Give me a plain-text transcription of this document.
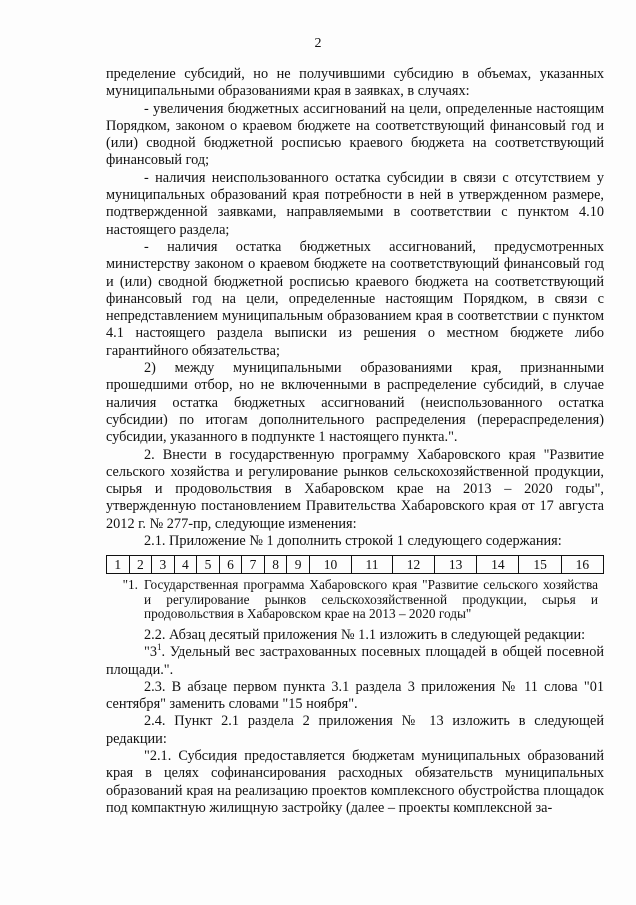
2

пределение субсидий, но не получившими субсидию в объемах, указанных муниципальными образованиями края в заявках, в случаях:

- увеличения бюджетных ассигнований на цели, определенные настоящим Порядком, законом о краевом бюджете на соответствующий финансовый год и (или) сводной бюджетной росписью краевого бюджета на соответствующий финансовый год;

- наличия неиспользованного остатка субсидии в связи с отсутствием у муниципальных образований края потребности в ней в утвержденном размере, подтвержденной заявками, направляемыми в соответствии с пунктом 4.10 настоящего раздела;

- наличия остатка бюджетных ассигнований, предусмотренных министерству законом о краевом бюджете на соответствующий финансовый год и (или) сводной бюджетной росписью краевого бюджета на соответствующий финансовый год на цели, определенные настоящим Порядком, в связи с непредставлением муниципальным образованием края в соответствии с пунктом 4.1 настоящего раздела выписки из решения о местном бюджете либо гарантийного обязательства;

2) между муниципальными образованиями края, признанными прошедшими отбор, но не включенными в распределение субсидий, в случае наличия остатка бюджетных ассигнований (неиспользованного остатка субсидии) по итогам дополнительного распределения (перераспределения) субсидии, указанного в подпункте 1 настоящего пункта.".

2. Внести в государственную программу Хабаровского края "Развитие сельского хозяйства и регулирование рынков сельскохозяйственной продукции, сырья и продовольствия в Хабаровском крае на 2013 – 2020 годы", утвержденную постановлением Правительства Хабаровского края от 17 августа 2012 г. № 277-пр, следующие изменения:

2.1. Приложение № 1 дополнить строкой 1 следующего содержания:

1	2	3	4	5	6	7	8	9	10	11	12	13	14	15	16
"1. Государственная программа Хабаровского края "Развитие сельского хозяйства и регулирование рынков сельскохозяйственной продукции, сырья и продовольствия в Хабаровском крае на 2013 – 2020 годы"

2.2. Абзац десятый приложения № 1.1 изложить в следующей редакции:

"$3^1$. Удельный вес застрахованных посевных площадей в общей посевной площади.".

2.3. В абзаце первом пункта 3.1 раздела 3 приложения № 11 слова "01 сентября" заменить словами "15 ноября".

2.4. Пункт 2.1 раздела 2 приложения № 13 изложить в следующей редакции:

"2.1. Субсидия предоставляется бюджетам муниципальных образований края в целях софинансирования расходных обязательств муниципальных образований края на реализацию проектов комплексного обустройства площадок под компактную жилищную застройку (далее – проекты комплексной за-
